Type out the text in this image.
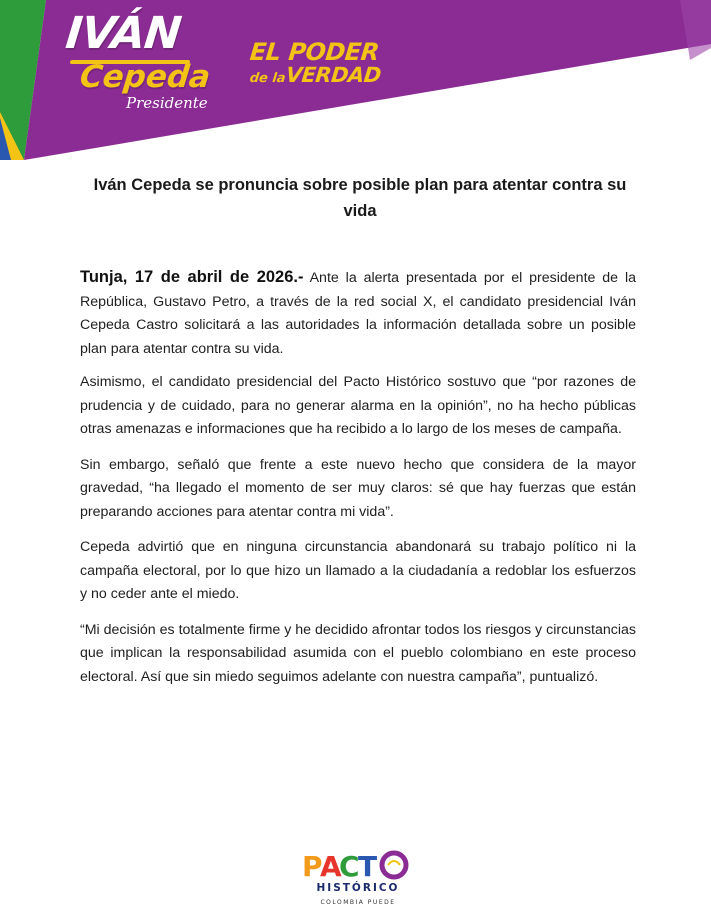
IVÁN
Cepeda
Presidente
EL PODER
de laVERDAD
Iván Cepeda se pronuncia sobre posible plan para atentar contra su vida

Tunja, 17 de abril de 2026.- Ante la alerta presentada por el presidente de la República, Gustavo Petro, a través de la red social X, el candidato presidencial Iván Cepeda Castro solicitará a las autoridades la información detallada sobre un posible plan para atentar contra su vida.

Asimismo, el candidato presidencial del Pacto Histórico sostuvo que “por razones de prudencia y de cuidado, para no generar alarma en la opinión”, no ha hecho públicas otras amenazas e informaciones que ha recibido a lo largo de los meses de campaña.

Sin embargo, señaló que frente a este nuevo hecho que considera de la mayor gravedad, “ha llegado el momento de ser muy claros: sé que hay fuerzas que están preparando acciones para atentar contra mi vida”.

Cepeda advirtió que en ninguna circunstancia abandonará su trabajo político ni la campaña electoral, por lo que hizo un llamado a la ciudadanía a redoblar los esfuerzos y no ceder ante el miedo.

“Mi decisión es totalmente firme y he decidido afrontar todos los riesgos y circunstancias que implican la responsabilidad asumida con el pueblo colombiano en este proceso electoral. Así que sin miedo seguimos adelante con nuestra campaña”, puntualizó.

P
A
C
T
HISTÓRICO
COLOMBIA PUEDE
